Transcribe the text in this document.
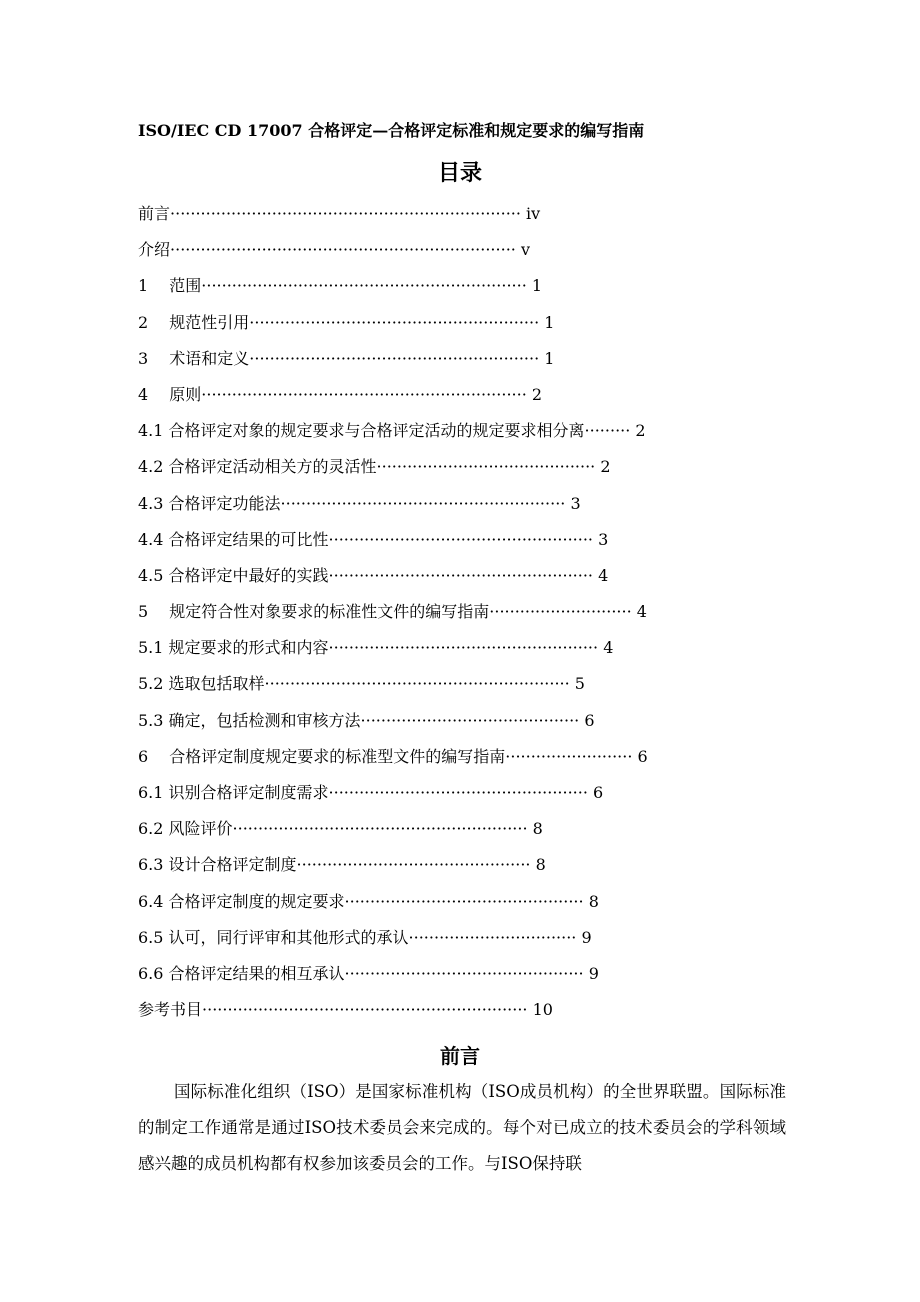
ISO/IEC CD 17007 合格评定—合格评定标准和规定要求的编写指南
目录
前言····································································· iv
介绍···································································· v
1　 范围································································ 1
2　 规范性引用························································· 1
3　 术语和定义························································· 1
4　 原则································································ 2
4.1 合格评定对象的规定要求与合格评定活动的规定要求相分离········· 2
4.2 合格评定活动相关方的灵活性··········································· 2
4.3 合格评定功能法························································ 3
4.4 合格评定结果的可比性···················································· 3
4.5 合格评定中最好的实践···················································· 4
5　 规定符合性对象要求的标准性文件的编写指南···························· 4
5.1 规定要求的形式和内容····················································· 4
5.2 选取包括取样···························································· 5
5.3 确定，包括检测和审核方法··········································· 6
6　 合格评定制度规定要求的标准型文件的编写指南························· 6
6.1 识别合格评定制度需求··················································· 6
6.2 风险评价·························································· 8
6.3 设计合格评定制度·············································· 8
6.4 合格评定制度的规定要求··············································· 8
6.5 认可，同行评审和其他形式的承认································· 9
6.6 合格评定结果的相互承认··············································· 9
参考书目································································ 10
前言

国际标准化组织（ISO）是国家标准机构（ISO成员机构）的全世界联盟。国际标准的制定工作通常是通过ISO技术委员会来完成的。每个对已成立的技术委员会的学科领域感兴趣的成员机构都有权参加该委员会的工作。与ISO保持联
